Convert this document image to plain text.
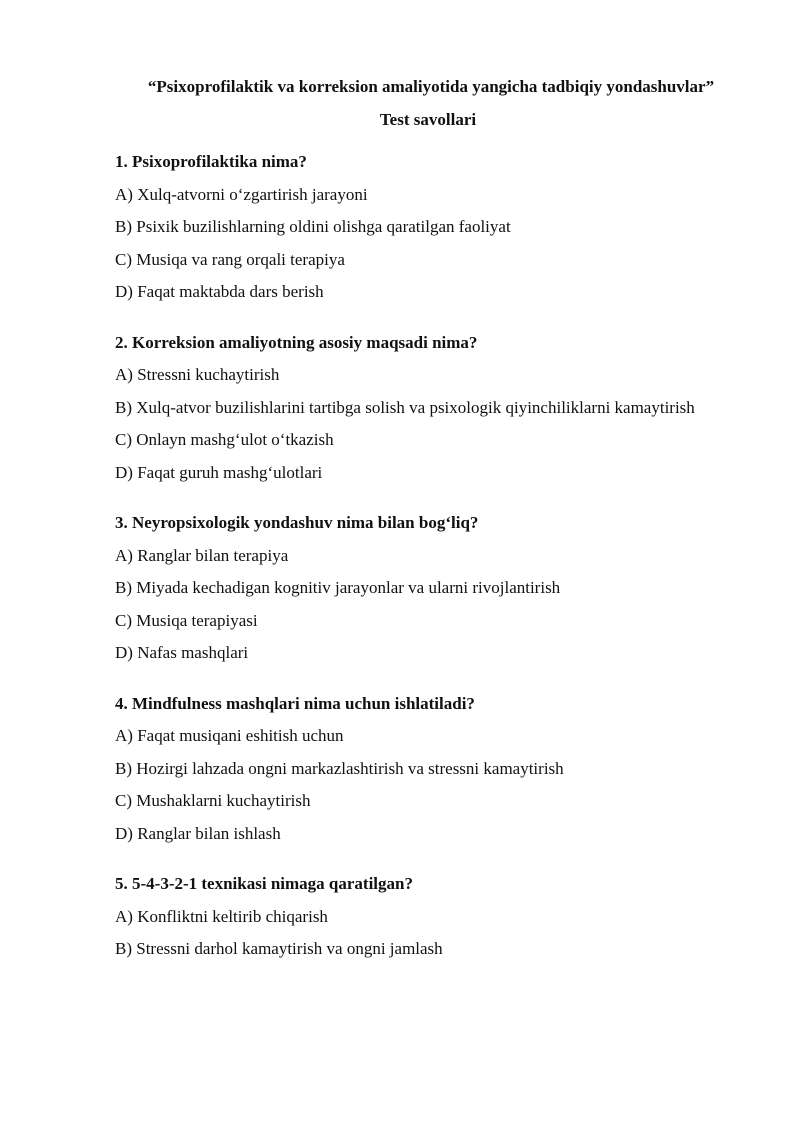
“Psixoprofilaktik va korreksion amaliyotida yangicha tadbiqiy yondashuvlar”
Test savollari
1. Psixoprofilaktika nima?
A) Xulq-atvorni o‘zgartirish jarayoni
B) Psixik buzilishlarning oldini olishga qaratilgan faoliyat
C) Musiqa va rang orqali terapiya
D) Faqat maktabda dars berish
2. Korreksion amaliyotning asosiy maqsadi nima?
A) Stressni kuchaytirish
B) Xulq-atvor buzilishlarini tartibga solish va psixologik qiyinchiliklarni kamaytirish
C) Onlayn mashg‘ulot o‘tkazish
D) Faqat guruh mashg‘ulotlari
3. Neyropsixologik yondashuv nima bilan bog‘liq?
A) Ranglar bilan terapiya
B) Miyada kechadigan kognitiv jarayonlar va ularni rivojlantirish
C) Musiqa terapiyasi
D) Nafas mashqlari
4. Mindfulness mashqlari nima uchun ishlatiladi?
A) Faqat musiqani eshitish uchun
B) Hozirgi lahzada ongni markazlashtirish va stressni kamaytirish
C) Mushaklarni kuchaytirish
D) Ranglar bilan ishlash
5. 5-4-3-2-1 texnikasi nimaga qaratilgan?
A) Konfliktni keltirib chiqarish
B) Stressni darhol kamaytirish va ongni jamlash
